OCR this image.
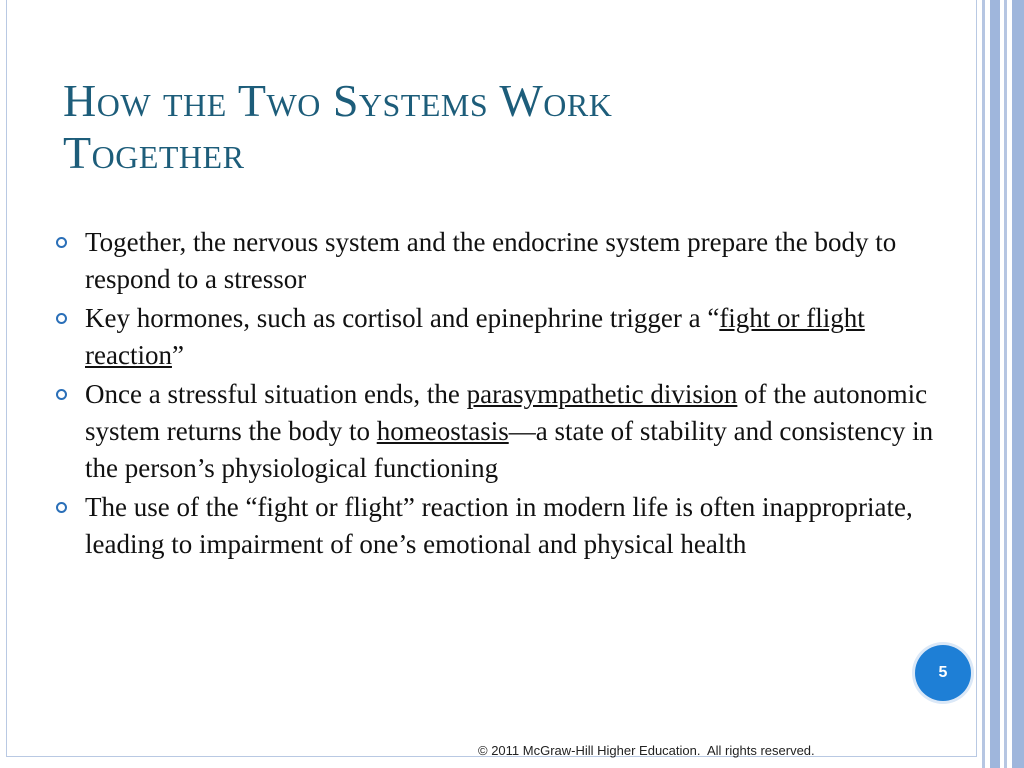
How the Two Systems Work
Together
Together, the nervous system and the endocrine system prepare the body to respond to a stressor
Key hormones, such as cortisol and epinephrine trigger a “fight or flight reaction”
Once a stressful situation ends, the parasympathetic division of the autonomic system returns the body to homeostasis—a state of stability and consistency in the person’s physiological functioning
The use of the “fight or flight” reaction in modern life is often inappropriate, leading to impairment of one’s emotional and physical health
5
© 2011 McGraw-Hill Higher Education.  All rights reserved.
